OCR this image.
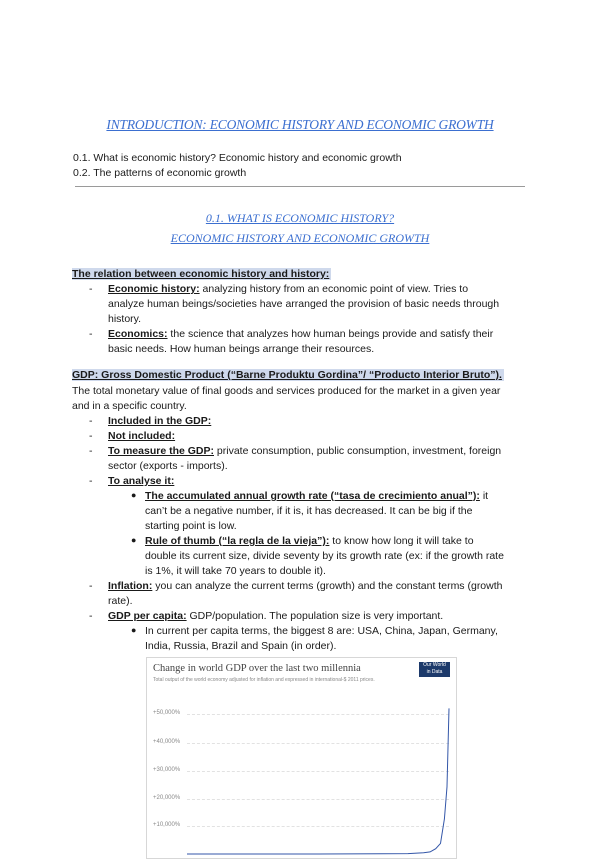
INTRODUCTION: ECONOMIC HISTORY AND ECONOMIC GROWTH
0.1. What is economic history? Economic history and economic growth
0.2. The patterns of economic growth
0.1. WHAT IS ECONOMIC HISTORY?
ECONOMIC HISTORY AND ECONOMIC GROWTH
The relation between economic history and history:
- Economic history: analyzing history from an economic point of view. Tries to
analyze human beings/societies have arranged the provision of basic needs through
history.
- Economics: the science that analyzes how human beings provide and satisfy their
basic needs. How human beings arrange their resources.
GDP: Gross Domestic Product (“Barne Produktu Gordina”/ “Producto Interior Bruto”).
The total monetary value of final goods and services produced for the market in a given year
and in a specific country.
- Included in the GDP:
- Not included:
- To measure the GDP: private consumption, public consumption, investment, foreign
sector (exports - imports).
- To analyse it:
● The accumulated annual growth rate (“tasa de crecimiento anual”): it
can’t be a negative number, if it is, it has decreased. It can be big if the
starting point is low.
● Rule of thumb (“la regla de la vieja”): to know how long it will take to
double its current size, divide seventy by its growth rate (ex: if the growth rate
is 1%, it will take 70 years to double it).
- Inflation: you can analyze the current terms (growth) and the constant terms (growth
rate).
- GDP per capita: GDP/population. The population size is very important.
● In current per capita terms, the biggest 8 are: USA, China, Japan, Germany,
India, Russia, Brazil and Spain (in order).
Change in world GDP over the last two millennia
Total output of the world economy adjusted for inflation and expressed in international-$ 2011 prices.
Our World
in Data
+50,000%
+40,000%
+30,000%
+20,000%
+10,000%
